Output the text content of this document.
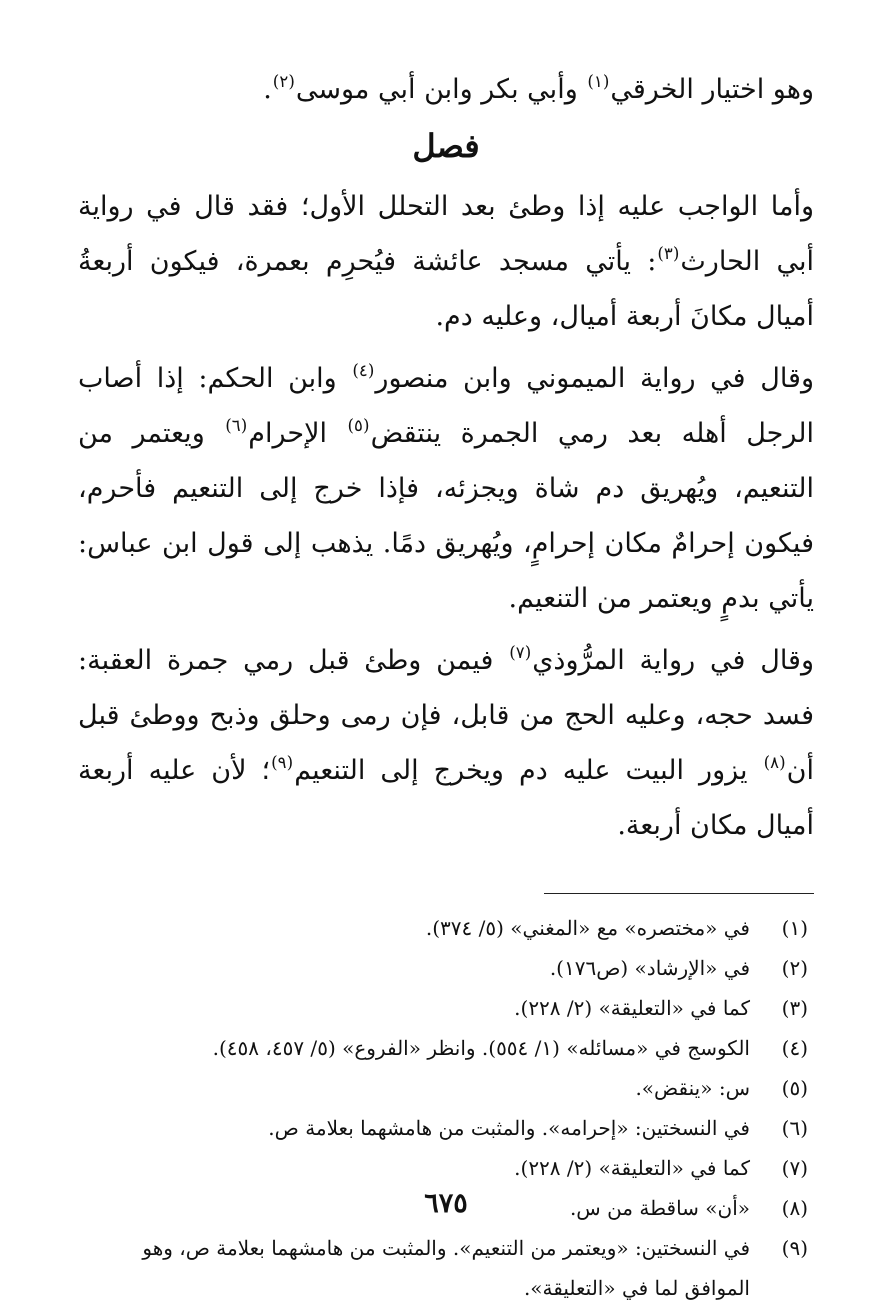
وهو اختيار الخرقي$^{(١)}$ وأبي بكر وابن أبي موسى$^{(٢)}$.

فصل

وأما الواجب عليه إذا وطئ بعد التحلل الأول؛ فقد قال في رواية أبي الحارث$^{(٣)}$: يأتي مسجد عائشة فيُحرِم بعمرة، فيكون أربعةُ أميال مكانَ أربعة أميال، وعليه دم.

وقال في رواية الميموني وابن منصور$^{(٤)}$ وابن الحكم: إذا أصاب الرجل أهله بعد رمي الجمرة ينتقض$^{(٥)}$ الإحرام$^{(٦)}$ ويعتمر من التنعيم، ويُهريق دم شاة ويجزئه، فإذا خرج إلى التنعيم فأحرم، فيكون إحرامٌ مكان إحرامٍ، ويُهريق دمًا. يذهب إلى قول ابن عباس: يأتي بدمٍ ويعتمر من التنعيم.

وقال في رواية المرُّوذي$^{(٧)}$ فيمن وطئ قبل رمي جمرة العقبة: فسد حجه، وعليه الحج من قابل، فإن رمى وحلق وذبح ووطئ قبل أن$^{(٨)}$ يزور البيت عليه دم ويخرج إلى التنعيم$^{(٩)}$؛ لأن عليه أربعة أميال مكان أربعة.

(١)
في «مختصره» مع «المغني» (٥/ ٣٧٤).
(٢)
في «الإرشاد» (ص١٧٦).
(٣)
كما في «التعليقة» (٢/ ٢٢٨).
(٤)
الكوسج في «مسائله» (١/ ٥٥٤). وانظر «الفروع» (٥/ ٤٥٧، ٤٥٨).
(٥)
س: «ينقض».
(٦)
في النسختين: «إحرامه». والمثبت من هامشهما بعلامة ص.
(٧)
كما في «التعليقة» (٢/ ٢٢٨).
(٨)
«أن» ساقطة من س.
(٩)
في النسختين: «ويعتمر من التنعيم». والمثبت من هامشهما بعلامة ص، وهو الموافق لما في «التعليقة».
٦٧٥
